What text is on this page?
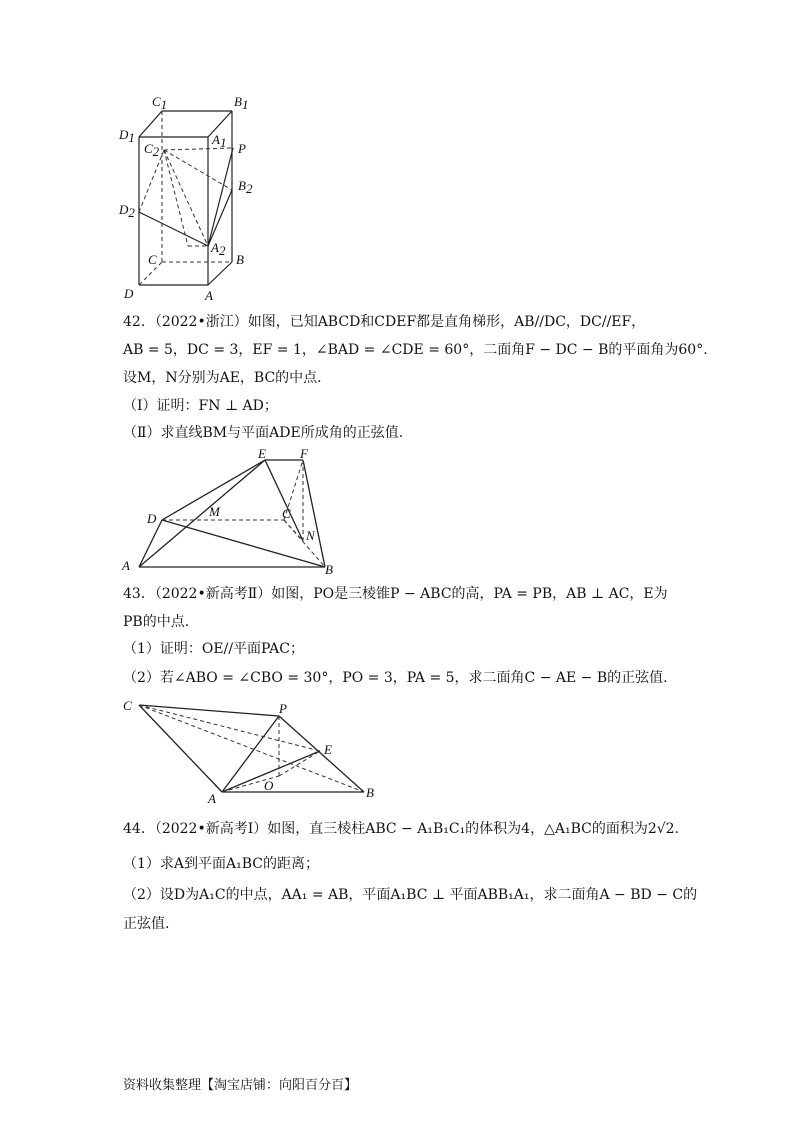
C1	B1
D1
C2
A1 P
B2
D2
A2
C	B
D	A
42．（2022•浙江）如图，已知ABCD和CDEF都是直角梯形，AB//DC，DC//EF，
AB = 5，DC = 3，EF = 1，∠BAD = ∠CDE = 60°，二面角F − DC − B的平面角为60°.
设M，N分别为AE，BC的中点.
（Ⅰ）证明：FN ⊥ AD；
（Ⅱ）求直线BM与平面ADE所成角的正弦值.
E	F
D	M	C
N
A	B
43．（2022•新高考Ⅱ）如图，PO是三棱锥P − ABC的高，PA = PB，AB ⊥ AC，E为
PB的中点.
（1）证明：OE//平面PAC；
（2）若∠ABO = ∠CBO = 30°，PO = 3，PA = 5，求二面角C − AE − B的正弦值.
C	P
E
O
A	B
44．（2022•新高考Ⅰ）如图，直三棱柱ABC − A₁B₁C₁的体积为4，△A₁BC的面积为2√2.
（1）求A到平面A₁BC的距离；
（2）设D为A₁C的中点，AA₁ = AB，平面A₁BC ⊥ 平面ABB₁A₁，求二面角A − BD − C的
正弦值.
资料收集整理【淘宝店铺：向阳百分百】
